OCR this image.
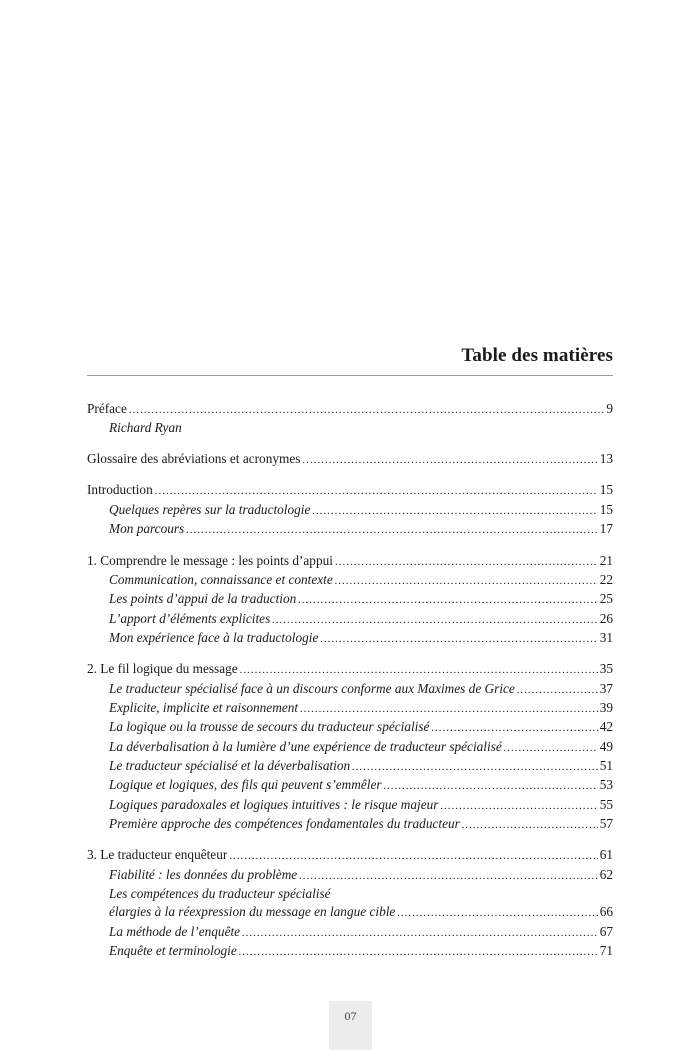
Table des matières
Préface .....	9
Richard Ryan
Glossaire des abréviations et acronymes .....	13
Introduction .....	15
Quelques repères sur la traductologie .....	15
Mon parcours .....	17
1. Comprendre le message : les points d’appui .....	21
Communication, connaissance et contexte .....	22
Les points d’appui de la traduction .....	25
L’apport d’éléments explicites .....	26
Mon expérience face à la traductologie .....	31
2. Le fil logique du message .....	35
Le traducteur spécialisé face à un discours conforme aux Maximes de Grice .....	37
Explicite, implicite et raisonnement .....	39
La logique ou la trousse de secours du traducteur spécialisé .....	42
La déverbalisation à la lumière d’une expérience de traducteur spécialisé .....	49
Le traducteur spécialisé et la déverbalisation .....	51
Logique et logiques, des fils qui peuvent s’emmêler .....	53
Logiques paradoxales et logiques intuitives : le risque majeur .....	55
Première approche des compétences fondamentales du traducteur .....	57
3. Le traducteur enquêteur .....	61
Fiabilité : les données du problème .....	62
Les compétences du traducteur spécialisé
élargies à la réexpression du message en langue cible .....	66
La méthode de l’enquête .....	67
Enquête et terminologie .....	71
07
